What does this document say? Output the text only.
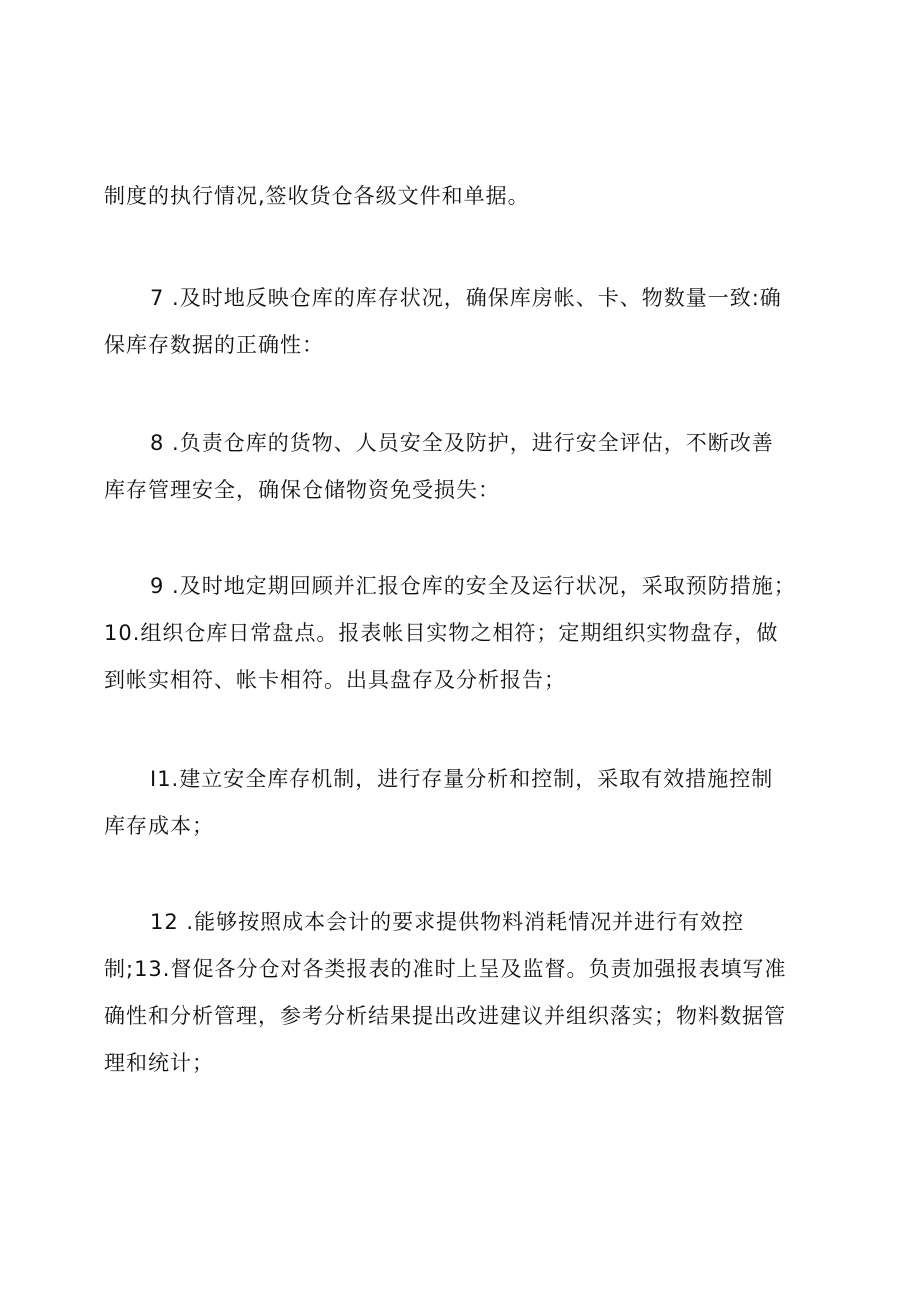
制度的执行情况,签收货仓各级文件和单据。

7 .及时地反映仓库的库存状况，确保库房帐、卡、物数量一致:确
保库存数据的正确性：

8 .负责仓库的货物、人员安全及防护，进行安全评估，不断改善
库存管理安全，确保仓储物资免受损失：

9 .及时地定期回顾并汇报仓库的安全及运行状况，采取预防措施；
10.组织仓库日常盘点。报表帐目实物之相符；定期组织实物盘存，做
到帐实相符、帐卡相符。出具盘存及分析报告；

I1.建立安全库存机制，进行存量分析和控制，采取有效措施控制
库存成本；

12 .能够按照成本会计的要求提供物料消耗情况并进行有效控
制;13.督促各分仓对各类报表的准时上呈及监督。负责加强报表填写准
确性和分析管理，参考分析结果提出改进建议并组织落实；物料数据管
理和统计；
